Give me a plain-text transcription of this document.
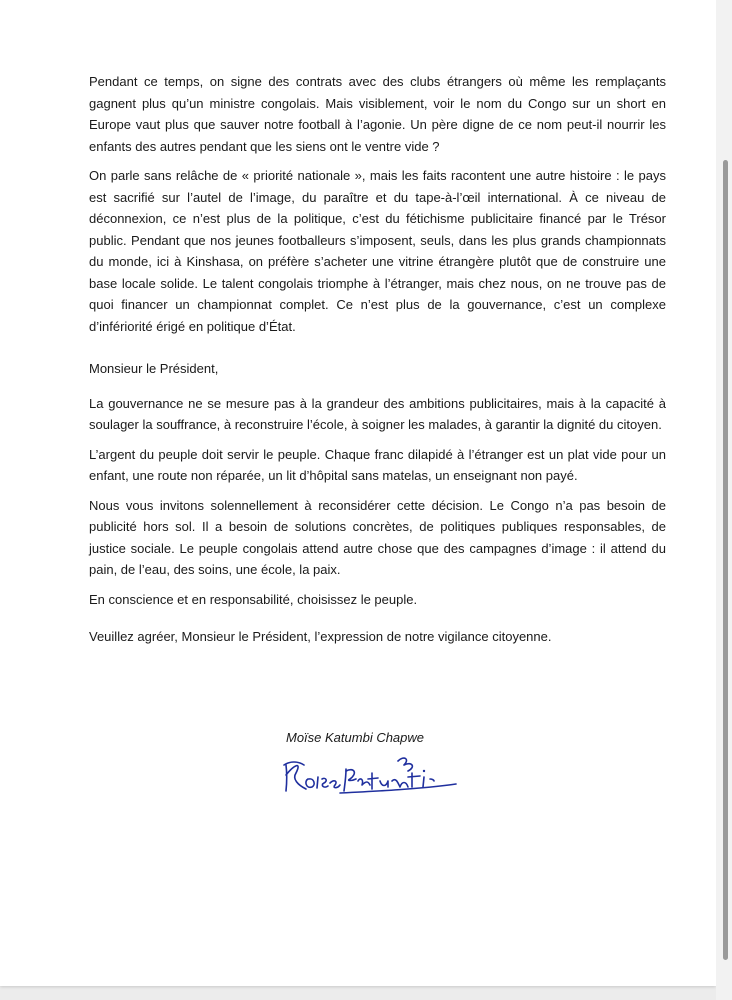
Pendant ce temps, on signe des contrats avec des clubs étrangers où même les remplaçants gagnent plus qu’un ministre congolais. Mais visiblement, voir le nom du Congo sur un short en Europe vaut plus que sauver notre football à l’agonie. Un père digne de ce nom peut-il nourrir les enfants des autres pendant que les siens ont le ventre vide ?

On parle sans relâche de « priorité nationale », mais les faits racontent une autre histoire : le pays est sacrifié sur l’autel de l’image, du paraître et du tape-à-l’œil international. À ce niveau de déconnexion, ce n’est plus de la politique, c’est du fétichisme publicitaire financé par le Trésor public. Pendant que nos jeunes footballeurs s’imposent, seuls, dans les plus grands championnats du monde, ici à Kinshasa, on préfère s’acheter une vitrine étrangère plutôt que de construire une base locale solide. Le talent congolais triomphe à l’étranger, mais chez nous, on ne trouve pas de quoi financer un championnat complet. Ce n’est plus de la gouvernance, c’est un complexe d’infériorité érigé en politique d’État.

Monsieur le Président,

La gouvernance ne se mesure pas à la grandeur des ambitions publicitaires, mais à la capacité à soulager la souffrance, à reconstruire l’école, à soigner les malades, à garantir la dignité du citoyen.

L’argent du peuple doit servir le peuple. Chaque franc dilapidé à l’étranger est un plat vide pour un enfant, une route non réparée, un lit d’hôpital sans matelas, un enseignant non payé.

Nous vous invitons solennellement à reconsidérer cette décision. Le Congo n’a pas besoin de publicité hors sol. Il a besoin de solutions concrètes, de politiques publiques responsables, de justice sociale. Le peuple congolais attend autre chose que des campagnes d’image : il attend du pain, de l’eau, des soins, une école, la paix.

En conscience et en responsabilité, choisissez le peuple.

Veuillez agréer, Monsieur le Président, l’expression de notre vigilance citoyenne.

Moïse Katumbi Chapwe
